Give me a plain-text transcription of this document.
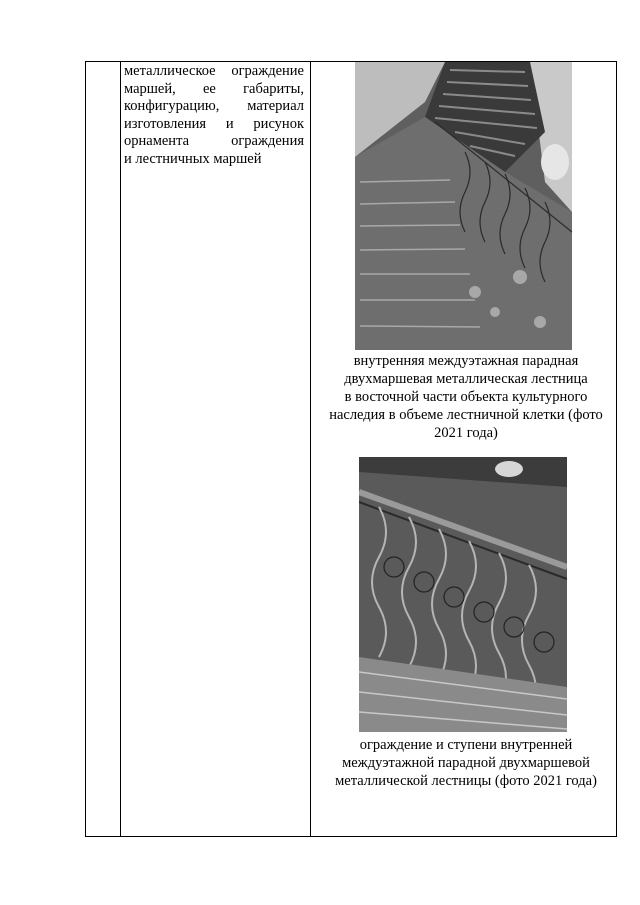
металлическое ограждение
маршей, ее габариты,
конфигурацию, материал
изготовления и рисунок
орнамента ограждения
и лестничных маршей
внутренняя междуэтажная парадная
двухмаршевая металлическая лестница
в восточной части объекта культурного
наследия в объеме лестничной клетки (фото
2021 года)
ограждение и ступени внутренней
междуэтажной парадной двухмаршевой
металлической лестницы (фото 2021 года)
